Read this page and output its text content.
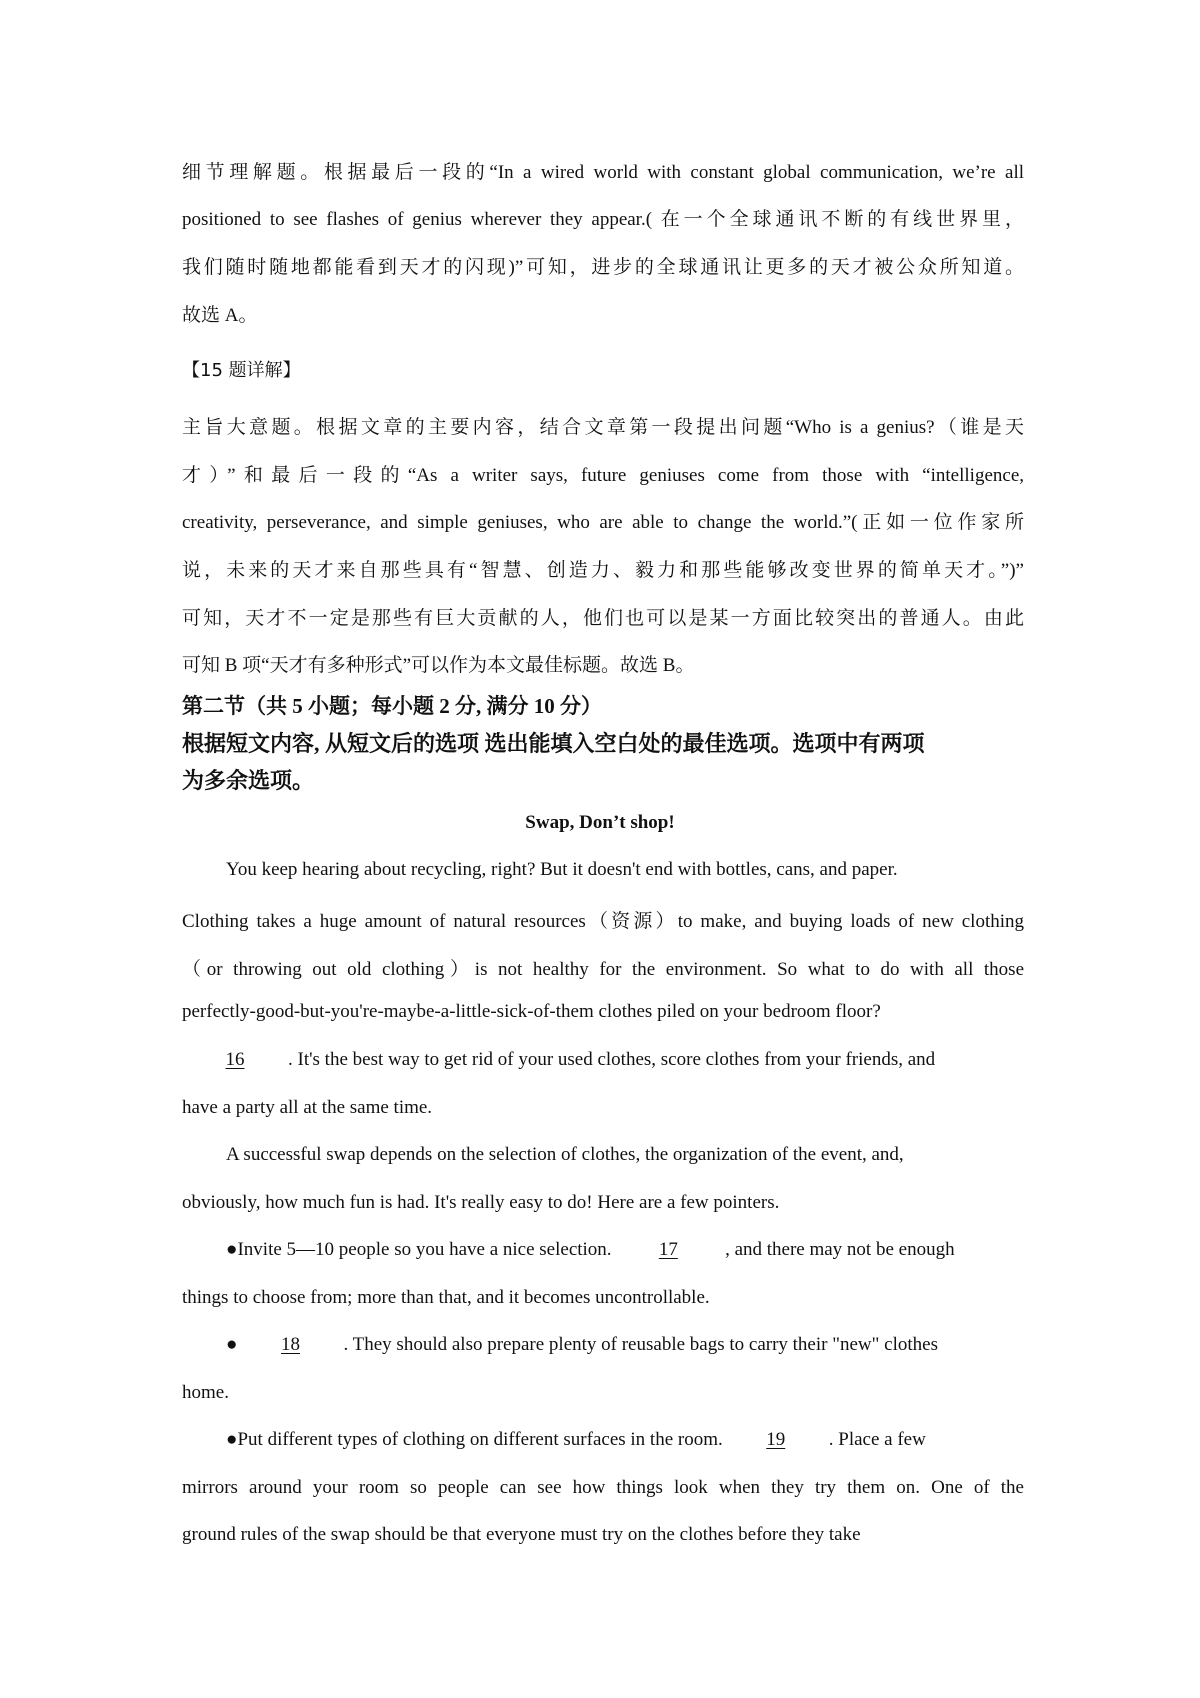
细节理解题。根据最后一段的“In a wired world with constant global communication, we’re all
positioned to see flashes of genius wherever they appear.( 在一个全球通讯不断的有线世界里，
我们随时随地都能看到天才的闪现)”可知，进步的全球通讯让更多的天才被公众所知道。
故选 A。
【15 题详解】
主旨大意题。根据文章的主要内容，结合文章第一段提出问题“Who is a genius?（谁是天
才）”和最后一段的“As a writer says, future geniuses come from those with “intelligence,
creativity, perseverance, and simple geniuses, who are able to change the world.”(正如一位作家所
说，未来的天才来自那些具有“智慧、创造力、毅力和那些能够改变世界的简单天才。”)”
可知，天才不一定是那些有巨大贡献的人，他们也可以是某一方面比较突出的普通人。由此
可知 B 项“天才有多种形式”可以作为本文最佳标题。故选 B。
第二节（共 5 小题；每小题 2 分, 满分 10 分）
根据短文内容, 从短文后的选项 选出能填入空白处的最佳选项。选项中有两项
为多余选项。
Swap, Don’t shop!
You keep hearing about recycling, right? But it doesn't end with bottles, cans, and paper.
Clothing takes a huge amount of natural resources（资源）to make, and buying loads of new clothing
（or throwing out old clothing）is not healthy for the environment. So what to do with all those
perfectly-good-but-you're-maybe-a-little-sick-of-them clothes piled on your bedroom floor?
16 . It's the best way to get rid of your used clothes, score clothes from your friends, and
have a party all at the same time.
A successful swap depends on the selection of clothes, the organization of the event, and,
obviously, how much fun is had. It's really easy to do! Here are a few pointers.
●Invite 5—10 people so you have a nice selection. 17 , and there may not be enough
things to choose from; more than that, and it becomes uncontrollable.
● 18 . They should also prepare plenty of reusable bags to carry their "new" clothes
home.
●Put different types of clothing on different surfaces in the room. 19 . Place a few
mirrors around your room so people can see how things look when they try them on. One of the
ground rules of the swap should be that everyone must try on the clothes before they take
